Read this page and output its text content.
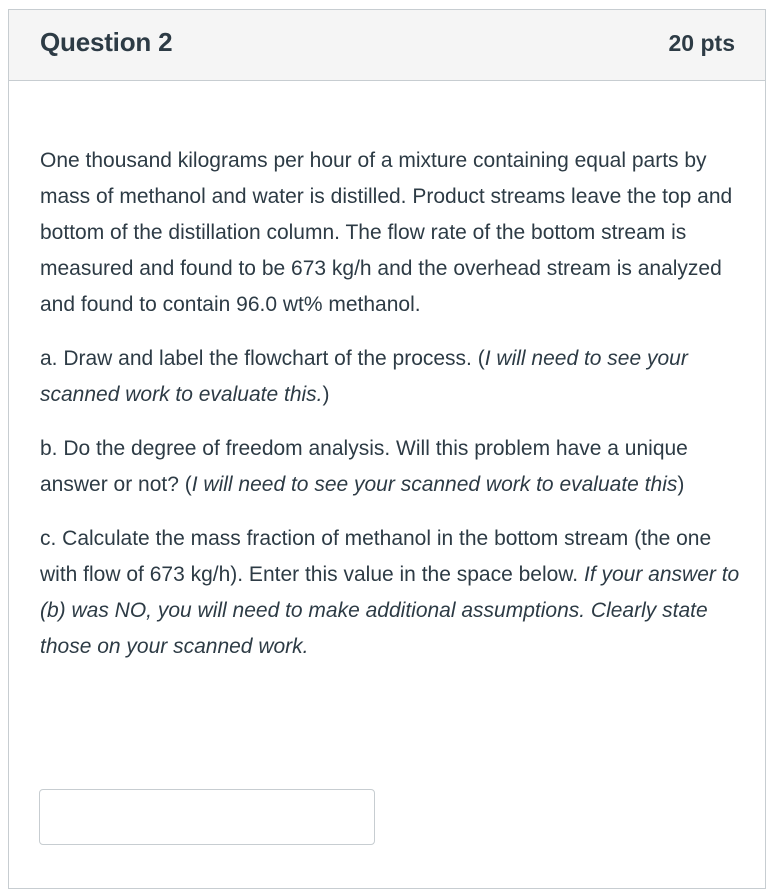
Question 2	20 pts

One thousand kilograms per hour of a mixture containing equal parts by mass of methanol and water is distilled. Product streams leave the top and bottom of the distillation column. The flow rate of the bottom stream is measured and found to be 673 kg/h and the overhead stream is analyzed and found to contain 96.0 wt% methanol.

a. Draw and label the flowchart of the process. (I will need to see your scanned work to evaluate this.)

b. Do the degree of freedom analysis. Will this problem have a unique answer or not? (I will need to see your scanned work to evaluate this)

c. Calculate the mass fraction of methanol in the bottom stream (the one with flow of 673 kg/h). Enter this value in the space below. If your answer to (b) was NO, you will need to make additional assumptions. Clearly state those on your scanned work.
